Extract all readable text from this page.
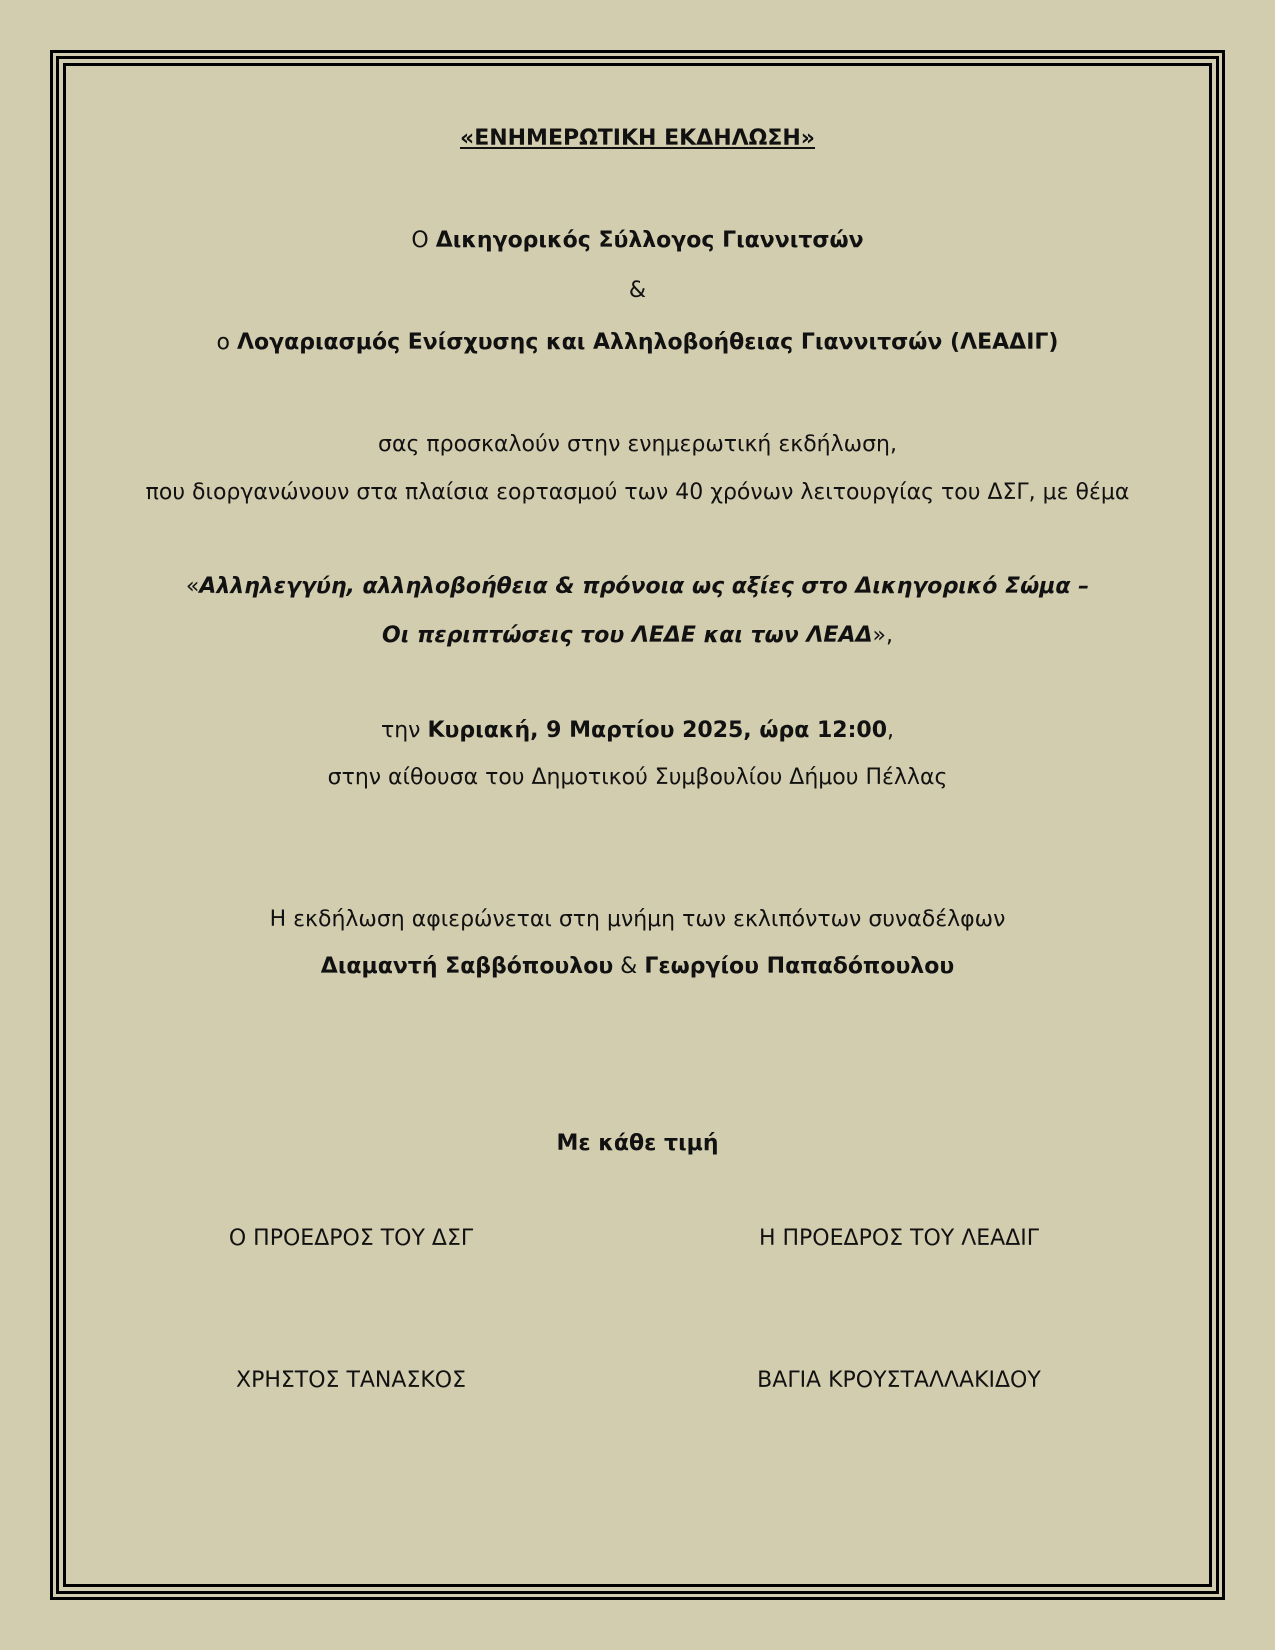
«ΕΝΗΜΕΡΩΤΙΚΗ ΕΚΔΗΛΩΣΗ»
Ο Δικηγορικός Σύλλογος Γιαννιτσών
&
ο Λογαριασμός Ενίσχυσης και Αλληλοβοήθειας Γιαννιτσών (ΛΕΑΔΙΓ)
σας προσκαλούν στην ενημερωτική εκδήλωση,
που διοργανώνουν στα πλαίσια εορτασμού των 40 χρόνων λειτουργίας του ΔΣΓ, με θέμα
«Αλληλεγγύη, αλληλοβοήθεια & πρόνοια ως αξίες στο Δικηγορικό Σώμα –
Οι περιπτώσεις του ΛΕΔΕ και των ΛΕΑΔ»,
την Κυριακή, 9 Μαρτίου 2025, ώρα 12:00,
στην αίθουσα του Δημοτικού Συμβουλίου Δήμου Πέλλας
Η εκδήλωση αφιερώνεται στη μνήμη των εκλιπόντων συναδέλφων
Διαμαντή Σαββόπουλου & Γεωργίου Παπαδόπουλου
Με κάθε τιμή
Ο ΠΡΟΕΔΡΟΣ ΤΟΥ ΔΣΓ	Η ΠΡΟΕΔΡΟΣ ΤΟΥ ΛΕΑΔΙΓ
ΧΡΗΣΤΟΣ ΤΑΝΑΣΚΟΣ	ΒΑΓΙΑ ΚΡΟΥΣΤΑΛΛΑΚΙΔΟΥ
